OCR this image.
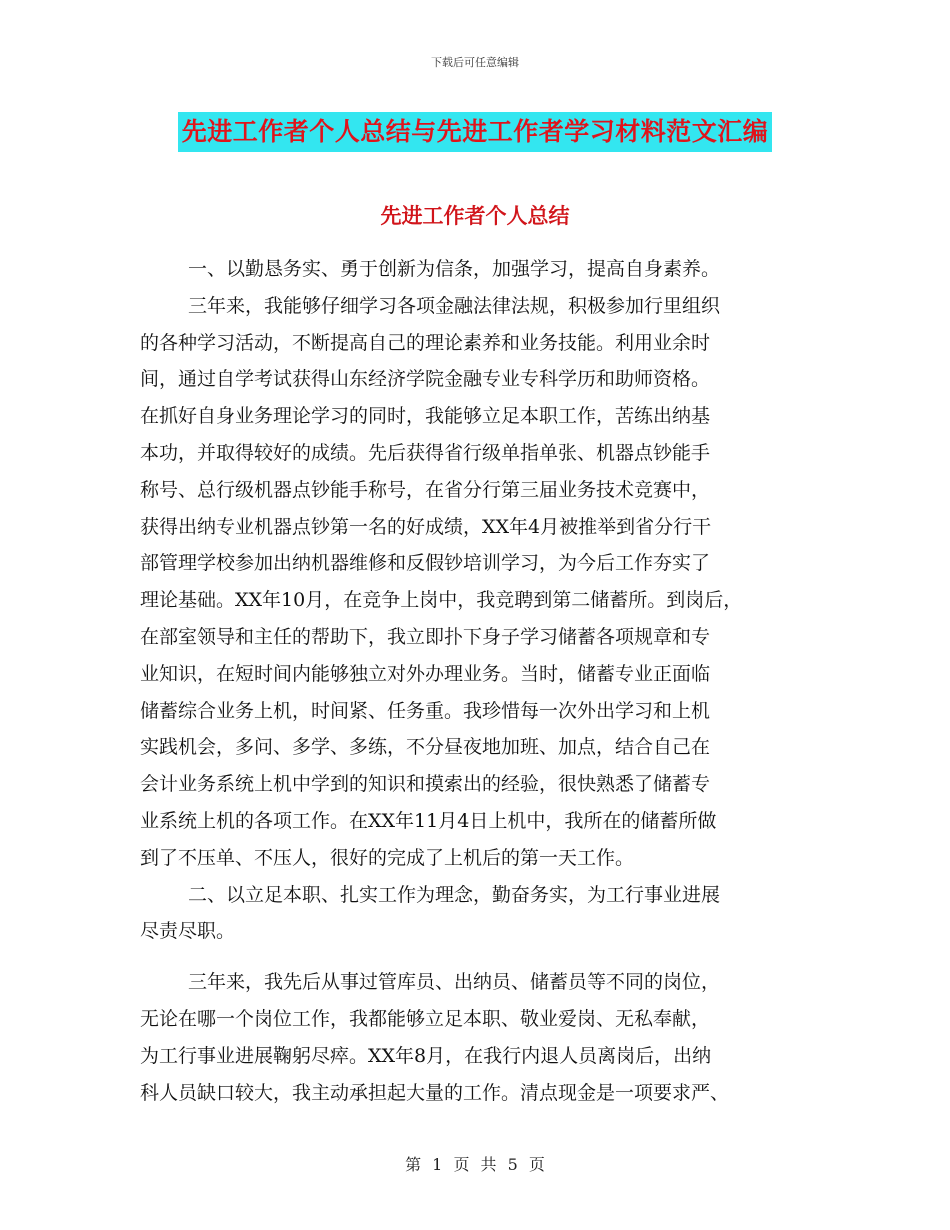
下载后可任意编辑
先进工作者个人总结与先进工作者学习材料范文汇编
先进工作者个人总结
一、以勤恳务实、勇于创新为信条，加强学习，提高自身素养。
三年来，我能够仔细学习各项金融法律法规，积极参加行里组织
的各种学习活动，不断提高自己的理论素养和业务技能。利用业余时
间，通过自学考试获得山东经济学院金融专业专科学历和助师资格。
在抓好自身业务理论学习的同时，我能够立足本职工作，苦练出纳基
本功，并取得较好的成绩。先后获得省行级单指单张、机器点钞能手
称号、总行级机器点钞能手称号，在省分行第三届业务技术竞赛中，
获得出纳专业机器点钞第一名的好成绩，XX年4月被推举到省分行干
部管理学校参加出纳机器维修和反假钞培训学习，为今后工作夯实了
理论基础。XX年10月，在竞争上岗中，我竞聘到第二储蓄所。到岗后，
在部室领导和主任的帮助下，我立即扑下身子学习储蓄各项规章和专
业知识，在短时间内能够独立对外办理业务。当时，储蓄专业正面临
储蓄综合业务上机，时间紧、任务重。我珍惜每一次外出学习和上机
实践机会，多问、多学、多练，不分昼夜地加班、加点，结合自己在
会计业务系统上机中学到的知识和摸索出的经验，很快熟悉了储蓄专
业系统上机的各项工作。在XX年11月4日上机中，我所在的储蓄所做
到了不压单、不压人，很好的完成了上机后的第一天工作。
二、以立足本职、扎实工作为理念，勤奋务实，为工行事业进展
尽责尽职。
三年来，我先后从事过管库员、出纳员、储蓄员等不同的岗位，
无论在哪一个岗位工作，我都能够立足本职、敬业爱岗、无私奉献，
为工行事业进展鞠躬尽瘁。XX年8月，在我行内退人员离岗后，出纳
科人员缺口较大，我主动承担起大量的工作。清点现金是一项要求严、
第 1 页 共 5 页
